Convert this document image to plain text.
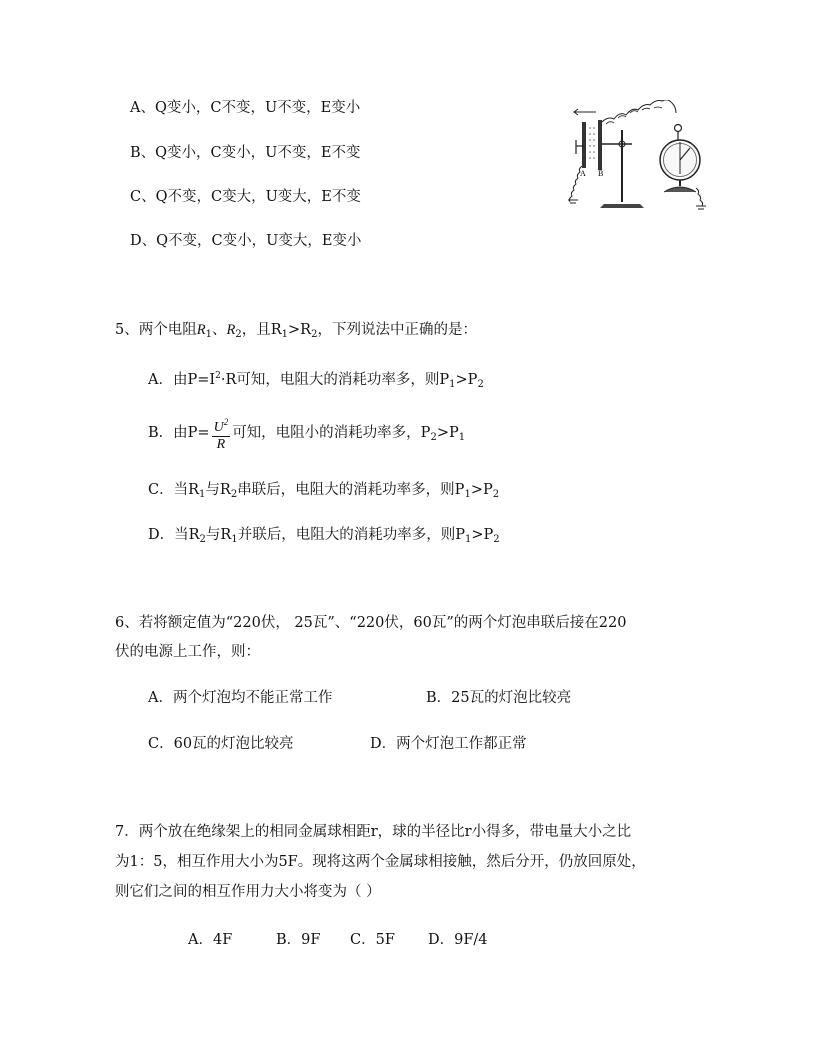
A、Q变小，C不变，U不变，E变小
B、Q变小，C变小，U不变，E不变
C、Q不变，C变大，U变大，E不变
D、Q不变，C变小，U变大，E变小
A B
5、两个电阻$R_1$、$R_2$，且$R_1>R_2$，下列说法中正确的是：
A．由$P=I^2\cdot R$可知，电阻大的消耗功率多，则$P_1>P_2$
B．由$P= \frac{U^2}{R}$ 可知，电阻小的消耗功率多，$P_2>P_1$
C．当$R_1$与$R_2$串联后，电阻大的消耗功率多，则$P_1>P_2$
D．当$R_2$与$R_1$并联后，电阻大的消耗功率多，则$P_1>P_2$
6、若将额定值为“220伏， 25瓦”、“220伏，60瓦”的两个灯泡串联后接在220
伏的电源上工作，则：
A．两个灯泡均不能正常工作	B．25瓦的灯泡比较亮
C．60瓦的灯泡比较亮	D．两个灯泡工作都正常
7．两个放在绝缘架上的相同金属球相距r，球的半径比r小得多，带电量大小之比
为1：5，相互作用大小为5F。现将这两个金属球相接触，然后分开，仍放回原处，
则它们之间的相互作用力大小将变为（ ）
A．4F	B．9F C．5F D．9F/4
